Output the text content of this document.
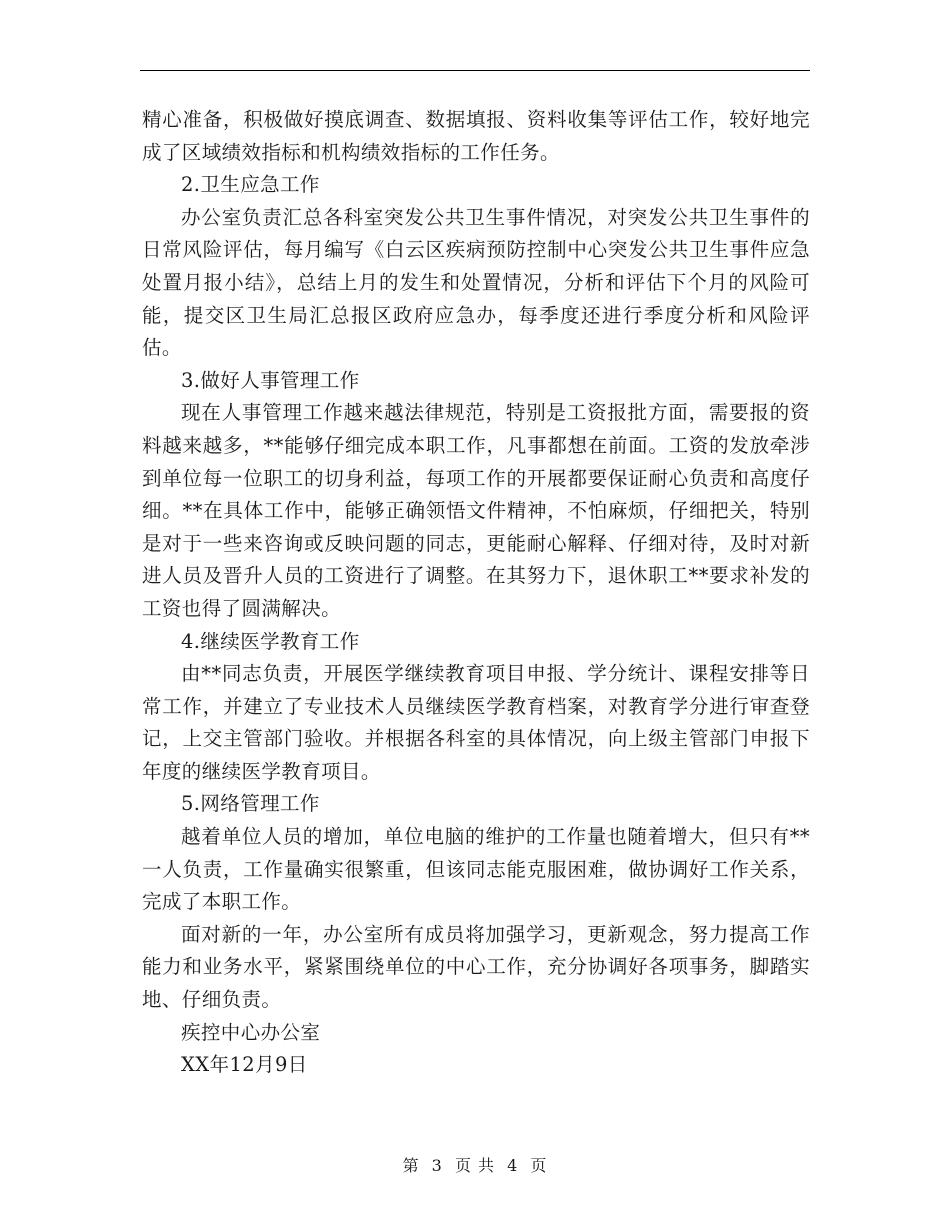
精心准备，积极做好摸底调查、数据填报、资料收集等评估工作，较好地完成了区域绩效指标和机构绩效指标的工作任务。

2.卫生应急工作

办公室负责汇总各科室突发公共卫生事件情况，对突发公共卫生事件的日常风险评估，每月编写《白云区疾病预防控制中心突发公共卫生事件应急处置月报小结》，总结上月的发生和处置情况，分析和评估下个月的风险可能，提交区卫生局汇总报区政府应急办，每季度还进行季度分析和风险评估。

3.做好人事管理工作

现在人事管理工作越来越法律规范，特别是工资报批方面，需要报的资料越来越多，**能够仔细完成本职工作，凡事都想在前面。工资的发放牵涉到单位每一位职工的切身利益，每项工作的开展都要保证耐心负责和高度仔细。**在具体工作中，能够正确领悟文件精神，不怕麻烦，仔细把关，特别是对于一些来咨询或反映问题的同志，更能耐心解释、仔细对待，及时对新进人员及晋升人员的工资进行了调整。在其努力下，退休职工**要求补发的工资也得了圆满解决。

4.继续医学教育工作

由**同志负责，开展医学继续教育项目申报、学分统计、课程安排等日常工作，并建立了专业技术人员继续医学教育档案，对教育学分进行审查登记，上交主管部门验收。并根据各科室的具体情况，向上级主管部门申报下年度的继续医学教育项目。

5.网络管理工作

越着单位人员的增加，单位电脑的维护的工作量也随着增大，但只有**一人负责，工作量确实很繁重，但该同志能克服困难，做协调好工作关系，完成了本职工作。

面对新的一年，办公室所有成员将加强学习，更新观念，努力提高工作能力和业务水平，紧紧围绕单位的中心工作，充分协调好各项事务，脚踏实地、仔细负责。

疾控中心办公室

XX年12月9日

第 3 页 共 4 页
